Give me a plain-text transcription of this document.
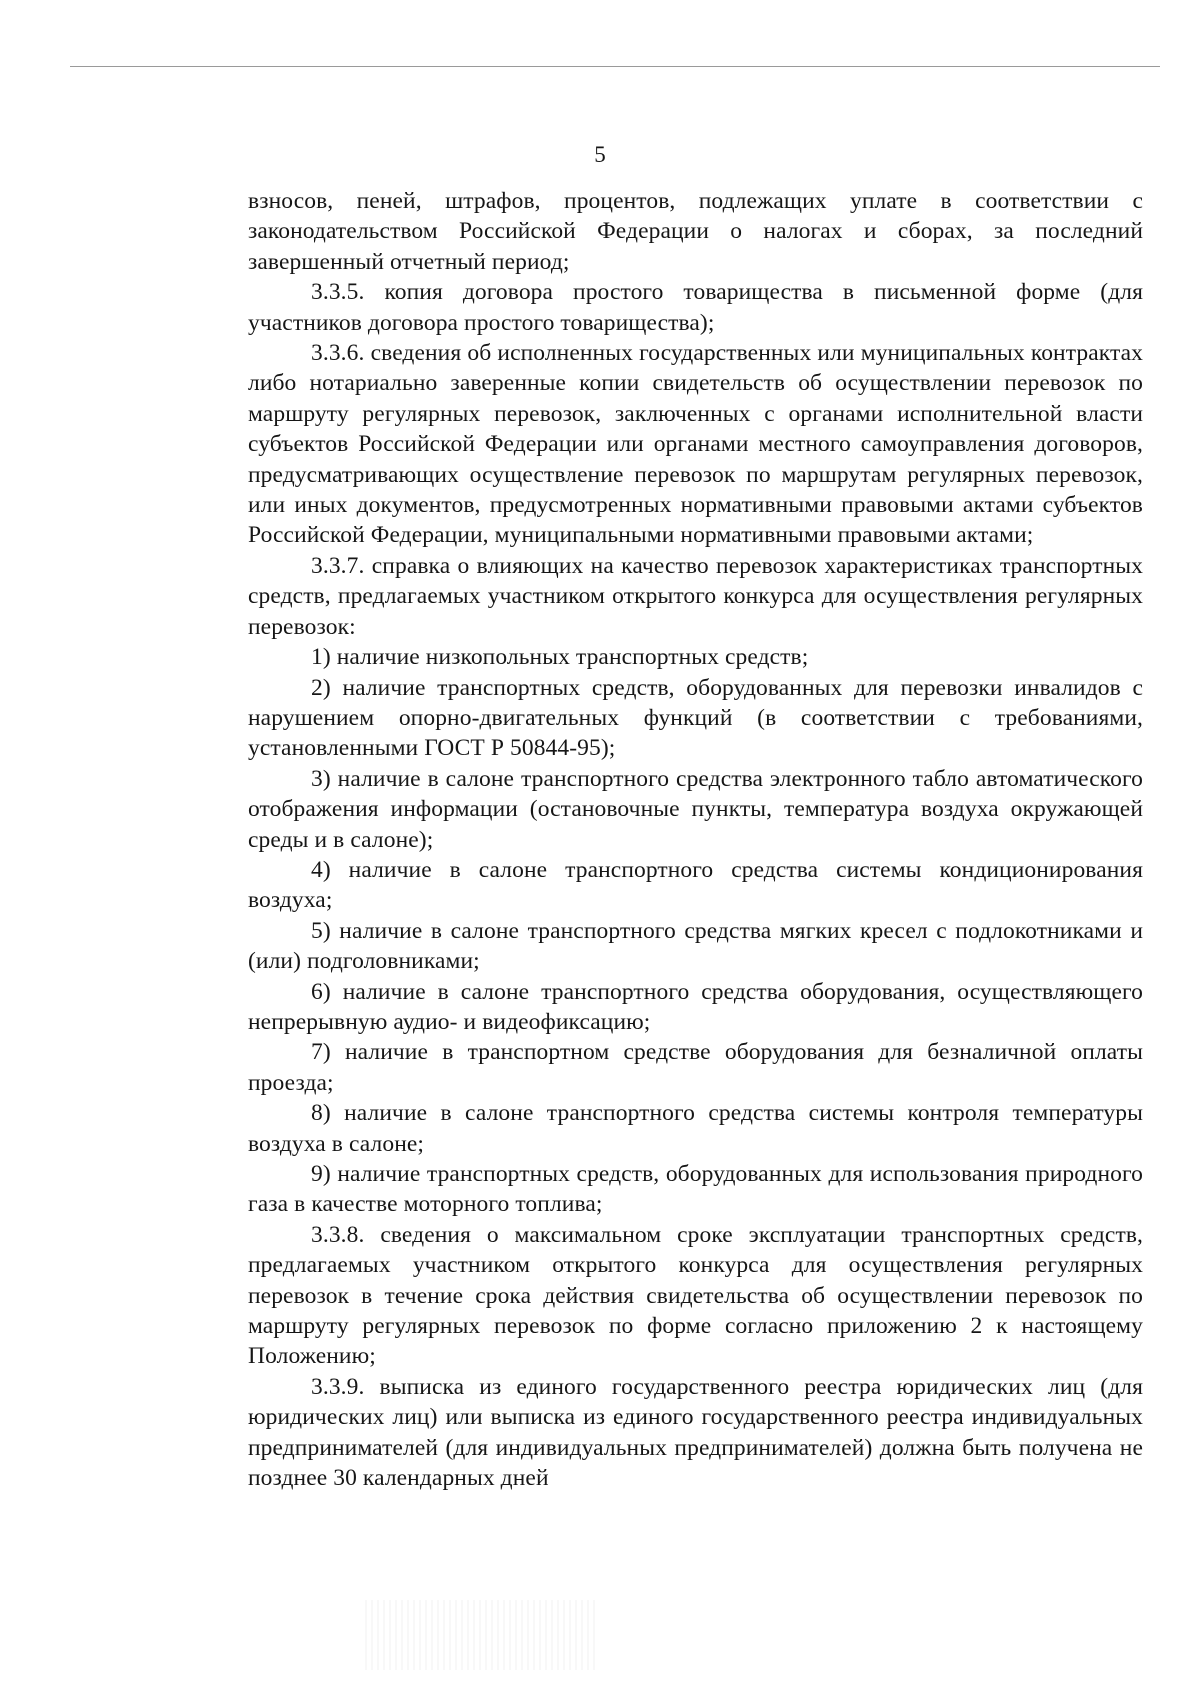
5

взносов, пеней, штрафов, процентов, подлежащих уплате в соответствии с законодательством Российской Федерации о налогах и сборах, за последний завершенный отчетный период;

3.3.5. копия договора простого товарищества в письменной форме (для участников договора простого товарищества);

3.3.6. сведения об исполненных государственных или муниципальных контрактах либо нотариально заверенные копии свидетельств об осуществлении перевозок по маршруту регулярных перевозок, заключенных с органами исполнительной власти субъектов Российской Федерации или органами местного самоуправления договоров, предусматривающих осуществление перевозок по маршрутам регулярных перевозок, или иных документов, предусмотренных нормативными правовыми актами субъектов Российской Федерации, муниципальными нормативными правовыми актами;

3.3.7. справка о влияющих на качество перевозок характеристиках транспортных средств, предлагаемых участником открытого конкурса для осуществления регулярных перевозок:

1) наличие низкопольных транспортных средств;

2) наличие транспортных средств, оборудованных для перевозки инвалидов с нарушением опорно-двигательных функций (в соответствии с требованиями, установленными ГОСТ Р 50844-95);

3) наличие в салоне транспортного средства электронного табло автоматического отображения информации (остановочные пункты, температура воздуха окружающей среды и в салоне);

4) наличие в салоне транспортного средства системы кондиционирования воздуха;

5) наличие в салоне транспортного средства мягких кресел с подлокотниками и (или) подголовниками;

6) наличие в салоне транспортного средства оборудования, осуществляющего непрерывную аудио- и видеофиксацию;

7) наличие в транспортном средстве оборудования для безналичной оплаты проезда;

8) наличие в салоне транспортного средства системы контроля температуры воздуха в салоне;

9) наличие транспортных средств, оборудованных для использования природного газа в качестве моторного топлива;

3.3.8. сведения о максимальном сроке эксплуатации транспортных средств, предлагаемых участником открытого конкурса для осуществления регулярных перевозок в течение срока действия свидетельства об осуществлении перевозок по маршруту регулярных перевозок по форме согласно приложению 2 к настоящему Положению;

3.3.9. выписка из единого государственного реестра юридических лиц (для юридических лиц) или выписка из единого государственного реестра индивидуальных предпринимателей (для индивидуальных предпринимателей) должна быть получена не позднее 30 календарных дней
